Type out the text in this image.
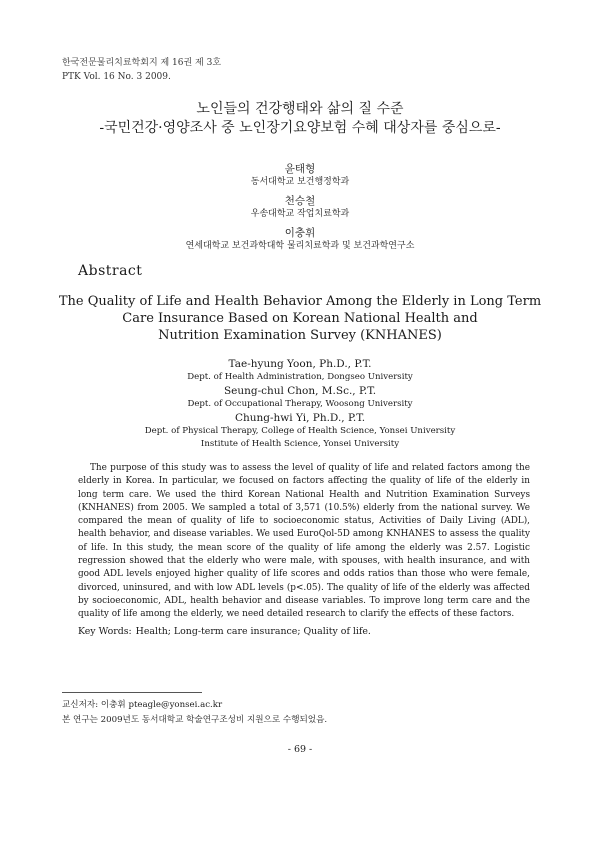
한국전문물리치료학회지 제 16권 제 3호
PTK Vol. 16 No. 3 2009.
노인들의 건강행태와 삶의 질 수준
-국민건강·영양조사 중 노인장기요양보험 수혜 대상자를 중심으로-
윤태형
동서대학교 보건행정학과
천승철
우송대학교 작업치료학과
이충휘
연세대학교 보건과학대학 물리치료학과 및 보건과학연구소
Abstract
The Quality of Life and Health Behavior Among the Elderly in Long Term
Care Insurance Based on Korean National Health and
Nutrition Examination Survey (KNHANES)
Tae-hyung Yoon, Ph.D., P.T.
Dept. of Health Administration, Dongseo University
Seung-chul Chon, M.Sc., P.T.
Dept. of Occupational Therapy, Woosong University
Chung-hwi Yi, Ph.D., P.T.
Dept. of Physical Therapy, College of Health Science, Yonsei University
Institute of Health Science, Yonsei University

The purpose of this study was to assess the level of quality of life and related factors among the elderly in Korea. In particular, we focused on factors affecting the quality of life of the elderly in long term care. We used the third Korean National Health and Nutrition Examination Surveys (KNHANES) from 2005. We sampled a total of 3,571 (10.5%) elderly from the national survey. We compared the mean of quality of life to socioeconomic status, Activities of Daily Living (ADL), health behavior, and disease variables. We used EuroQol-5D among KNHANES to assess the quality of life. In this study, the mean score of the quality of life among the elderly was 2.57. Logistic regression showed that the elderly who were male, with spouses, with health insurance, and with good ADL levels enjoyed higher quality of life scores and odds ratios than those who were female, divorced, uninsured, and with low ADL levels (p<.05). The quality of life of the elderly was affected by socioeconomic, ADL, health behavior and disease variables. To improve long term care and the quality of life among the elderly, we need detailed research to clarify the effects of these factors.

Key Words: Health; Long-term care insurance; Quality of life.
교신저자: 이충휘 pteagle@yonsei.ac.kr
본 연구는 2009년도 동서대학교 학술연구조성비 지원으로 수행되었음.
- 69 -
